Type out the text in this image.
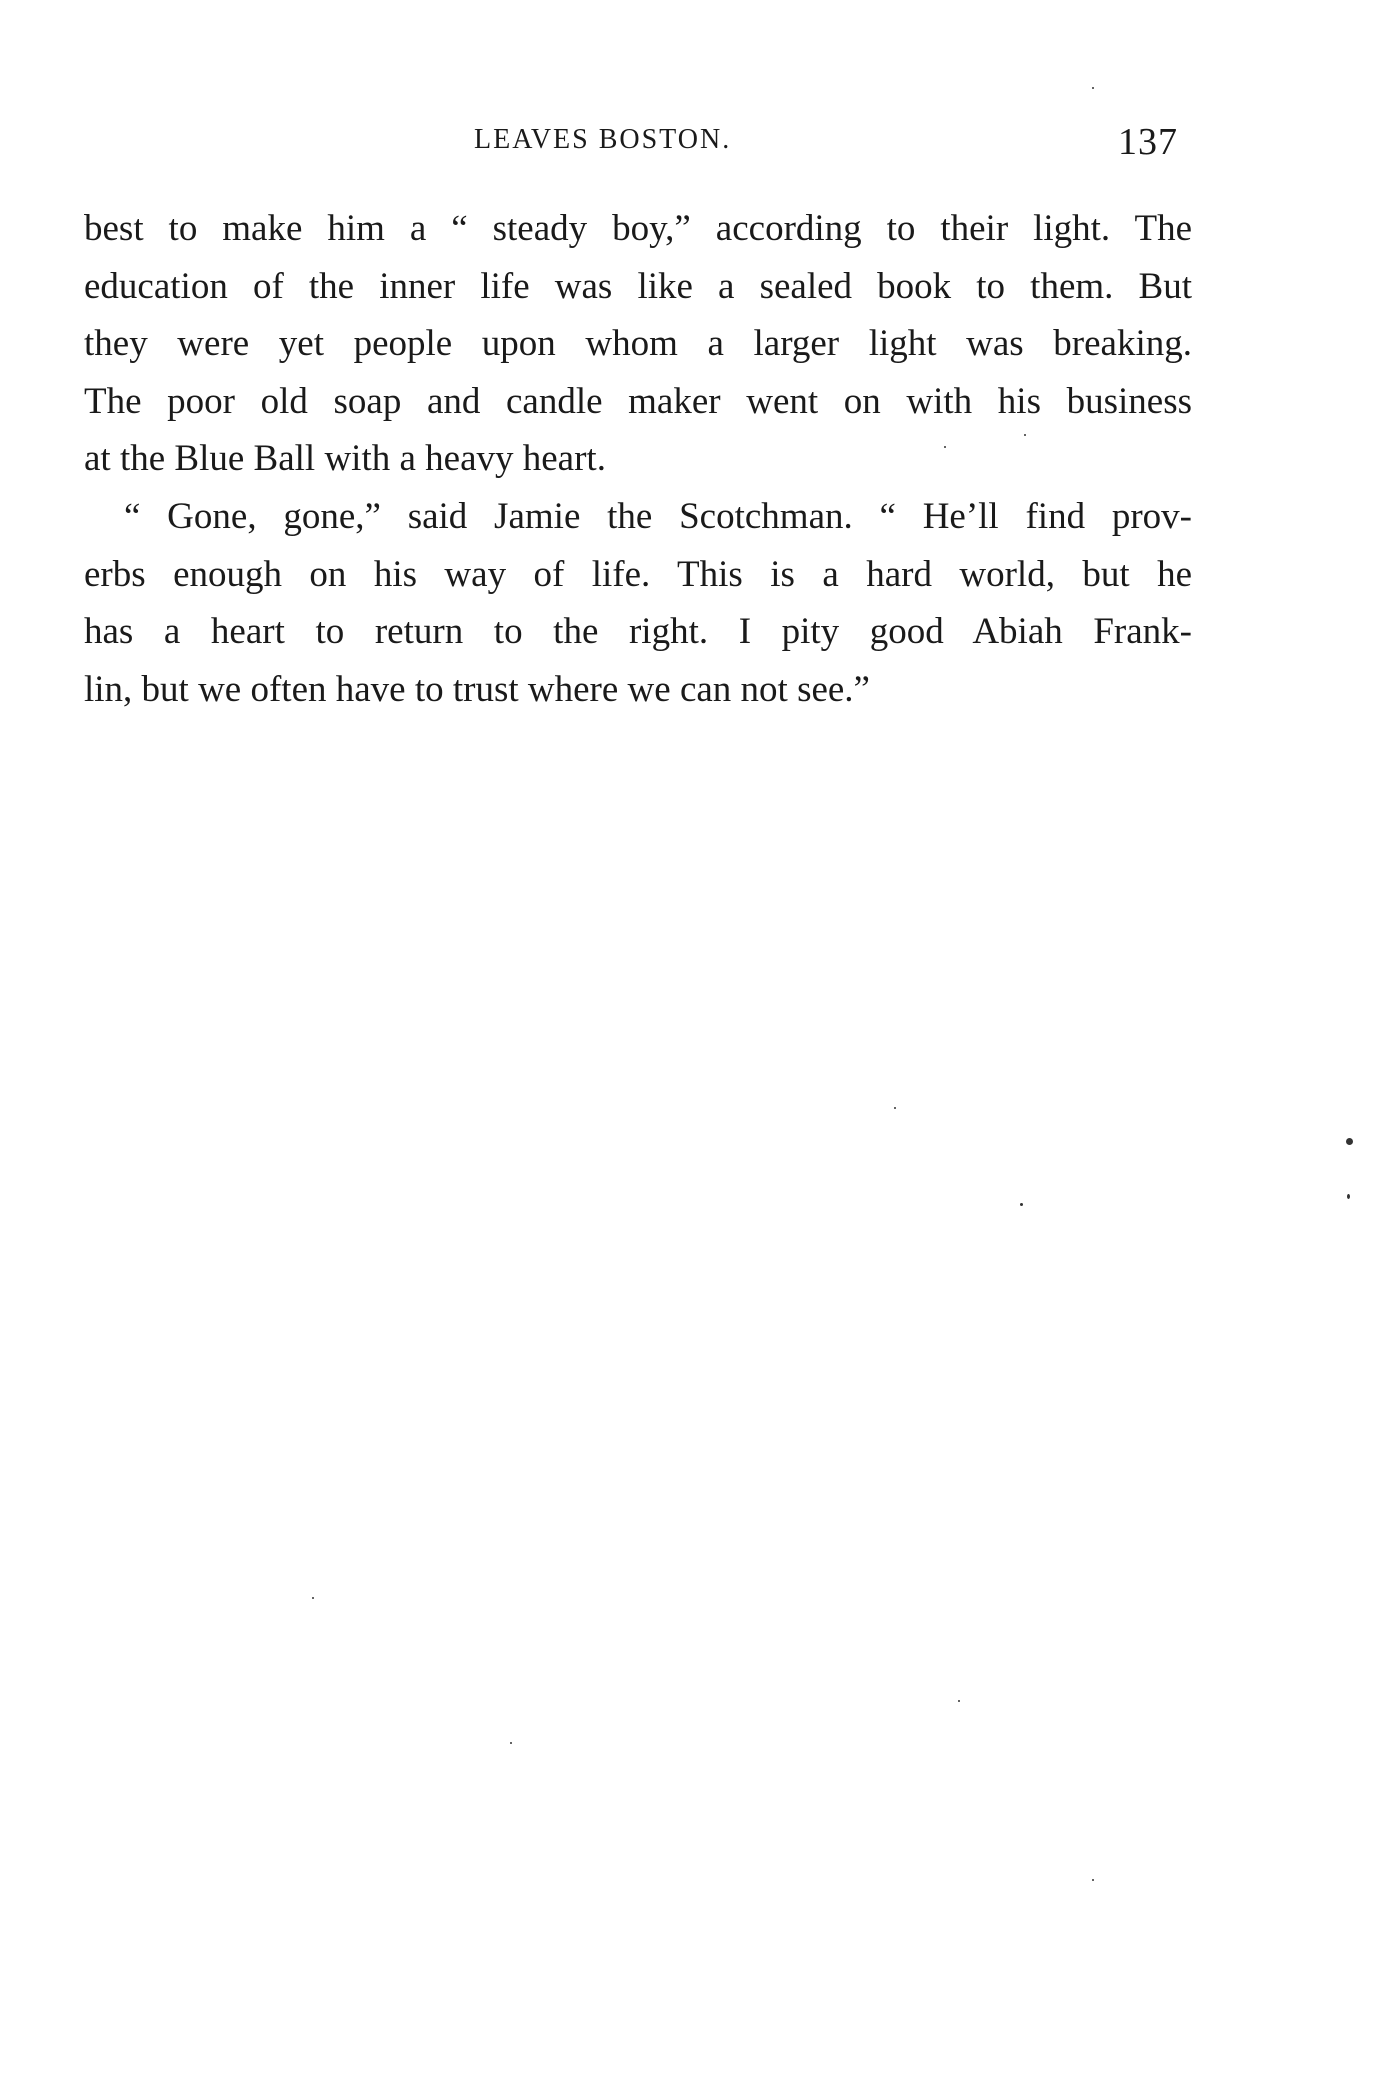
LEAVES BOSTON.	137
best to make him a “ steady boy,” according to their light. The
education of the inner life was like a sealed book to them. But
they were yet people upon whom a larger light was breaking.
The poor old soap and candle maker went on with his business
at the Blue Ball with a heavy heart.
“ Gone, gone,” said Jamie the Scotchman. “ He’ll find prov-
erbs enough on his way of life. This is a hard world, but he
has a heart to return to the right. I pity good Abiah Frank-
lin, but we often have to trust where we can not see.”
